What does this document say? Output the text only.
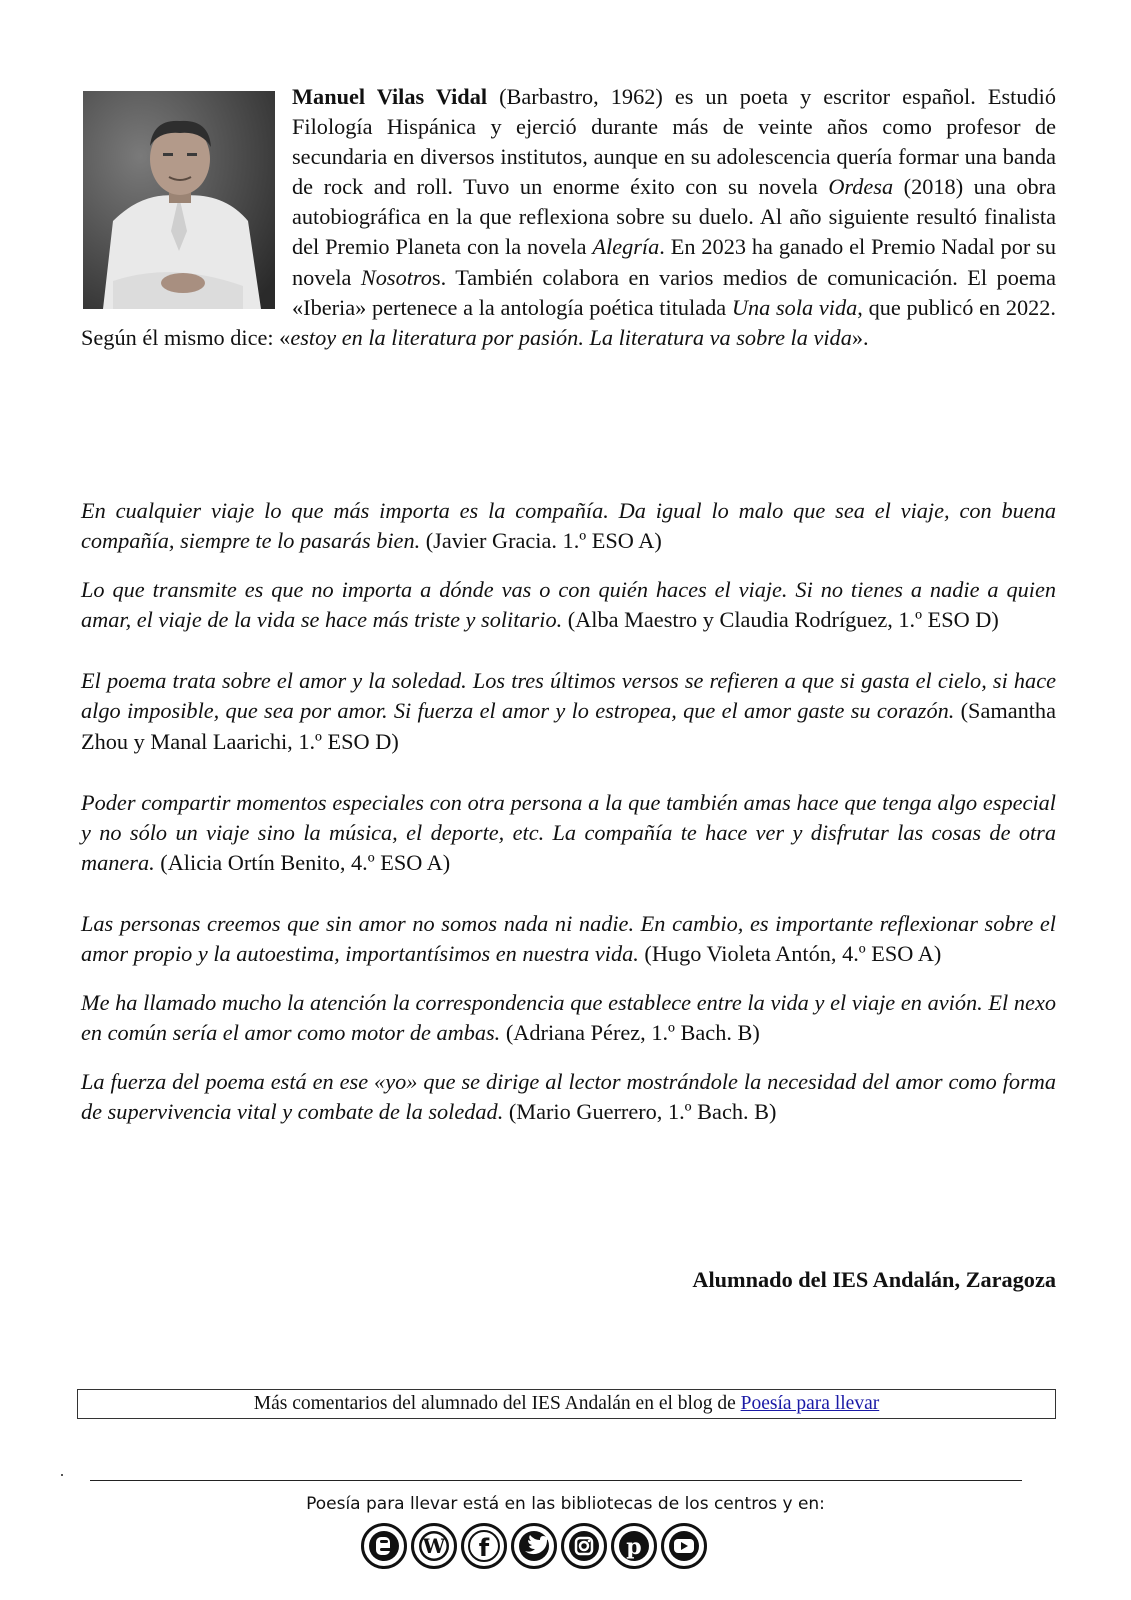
Manuel Vilas Vidal (Barbastro, 1962) es un poeta y escritor español. Estudió Filología Hispánica y ejerció durante más de veinte años como profesor de secundaria en diversos institutos, aunque en su adolescencia quería formar una banda de rock and roll. Tuvo un enorme éxito con su novela Ordesa (2018) una obra autobiográfica en la que reflexiona sobre su duelo. Al año siguiente resultó finalista del Premio Planeta con la novela Alegría. En 2023 ha ganado el Premio Nadal por su novela Nosotros. También colabora en varios medios de comunicación. El poema «Iberia» pertenece a la antología poética titulada Una sola vida, que publicó en 2022. Según él mismo dice: «estoy en la literatura por pasión. La literatura va sobre la vida».

En cualquier viaje lo que más importa es la compañía. Da igual lo malo que sea el viaje, con buena compañía, siempre te lo pasarás bien. (Javier Gracia. 1.º ESO A)

Lo que transmite es que no importa a dónde vas o con quién haces el viaje. Si no tienes a nadie a quien amar, el viaje de la vida se hace más triste y solitario. (Alba Maestro y Claudia Rodríguez, 1.º ESO D)

El poema trata sobre el amor y la soledad. Los tres últimos versos se refieren a que si gasta el cielo, si hace algo imposible, que sea por amor. Si fuerza el amor y lo estropea, que el amor gaste su corazón. (Samantha Zhou y Manal Laarichi, 1.º ESO D)

Poder compartir momentos especiales con otra persona a la que también amas hace que tenga algo especial y no sólo un viaje sino la música, el deporte, etc. La compañía te hace ver y disfrutar las cosas de otra manera. (Alicia Ortín Benito, 4.º ESO A)

Las personas creemos que sin amor no somos nada ni nadie. En cambio, es importante reflexionar sobre el amor propio y la autoestima, importantísimos en nuestra vida. (Hugo Violeta Antón, 4.º ESO A)

Me ha llamado mucho la atención la correspondencia que establece entre la vida y el viaje en avión. El nexo en común sería el amor como motor de ambas. (Adriana Pérez, 1.º Bach. B)

La fuerza del poema está en ese «yo» que se dirige al lector mostrándole la necesidad del amor como forma de supervivencia vital y combate de la soledad. (Mario Guerrero, 1.º Bach. B)

Alumnado del IES Andalán, Zaragoza
Más comentarios del alumnado del IES Andalán en el blog de Poesía para llevar
Poesía para llevar está en las bibliotecas de los centros y en:
W f	p
